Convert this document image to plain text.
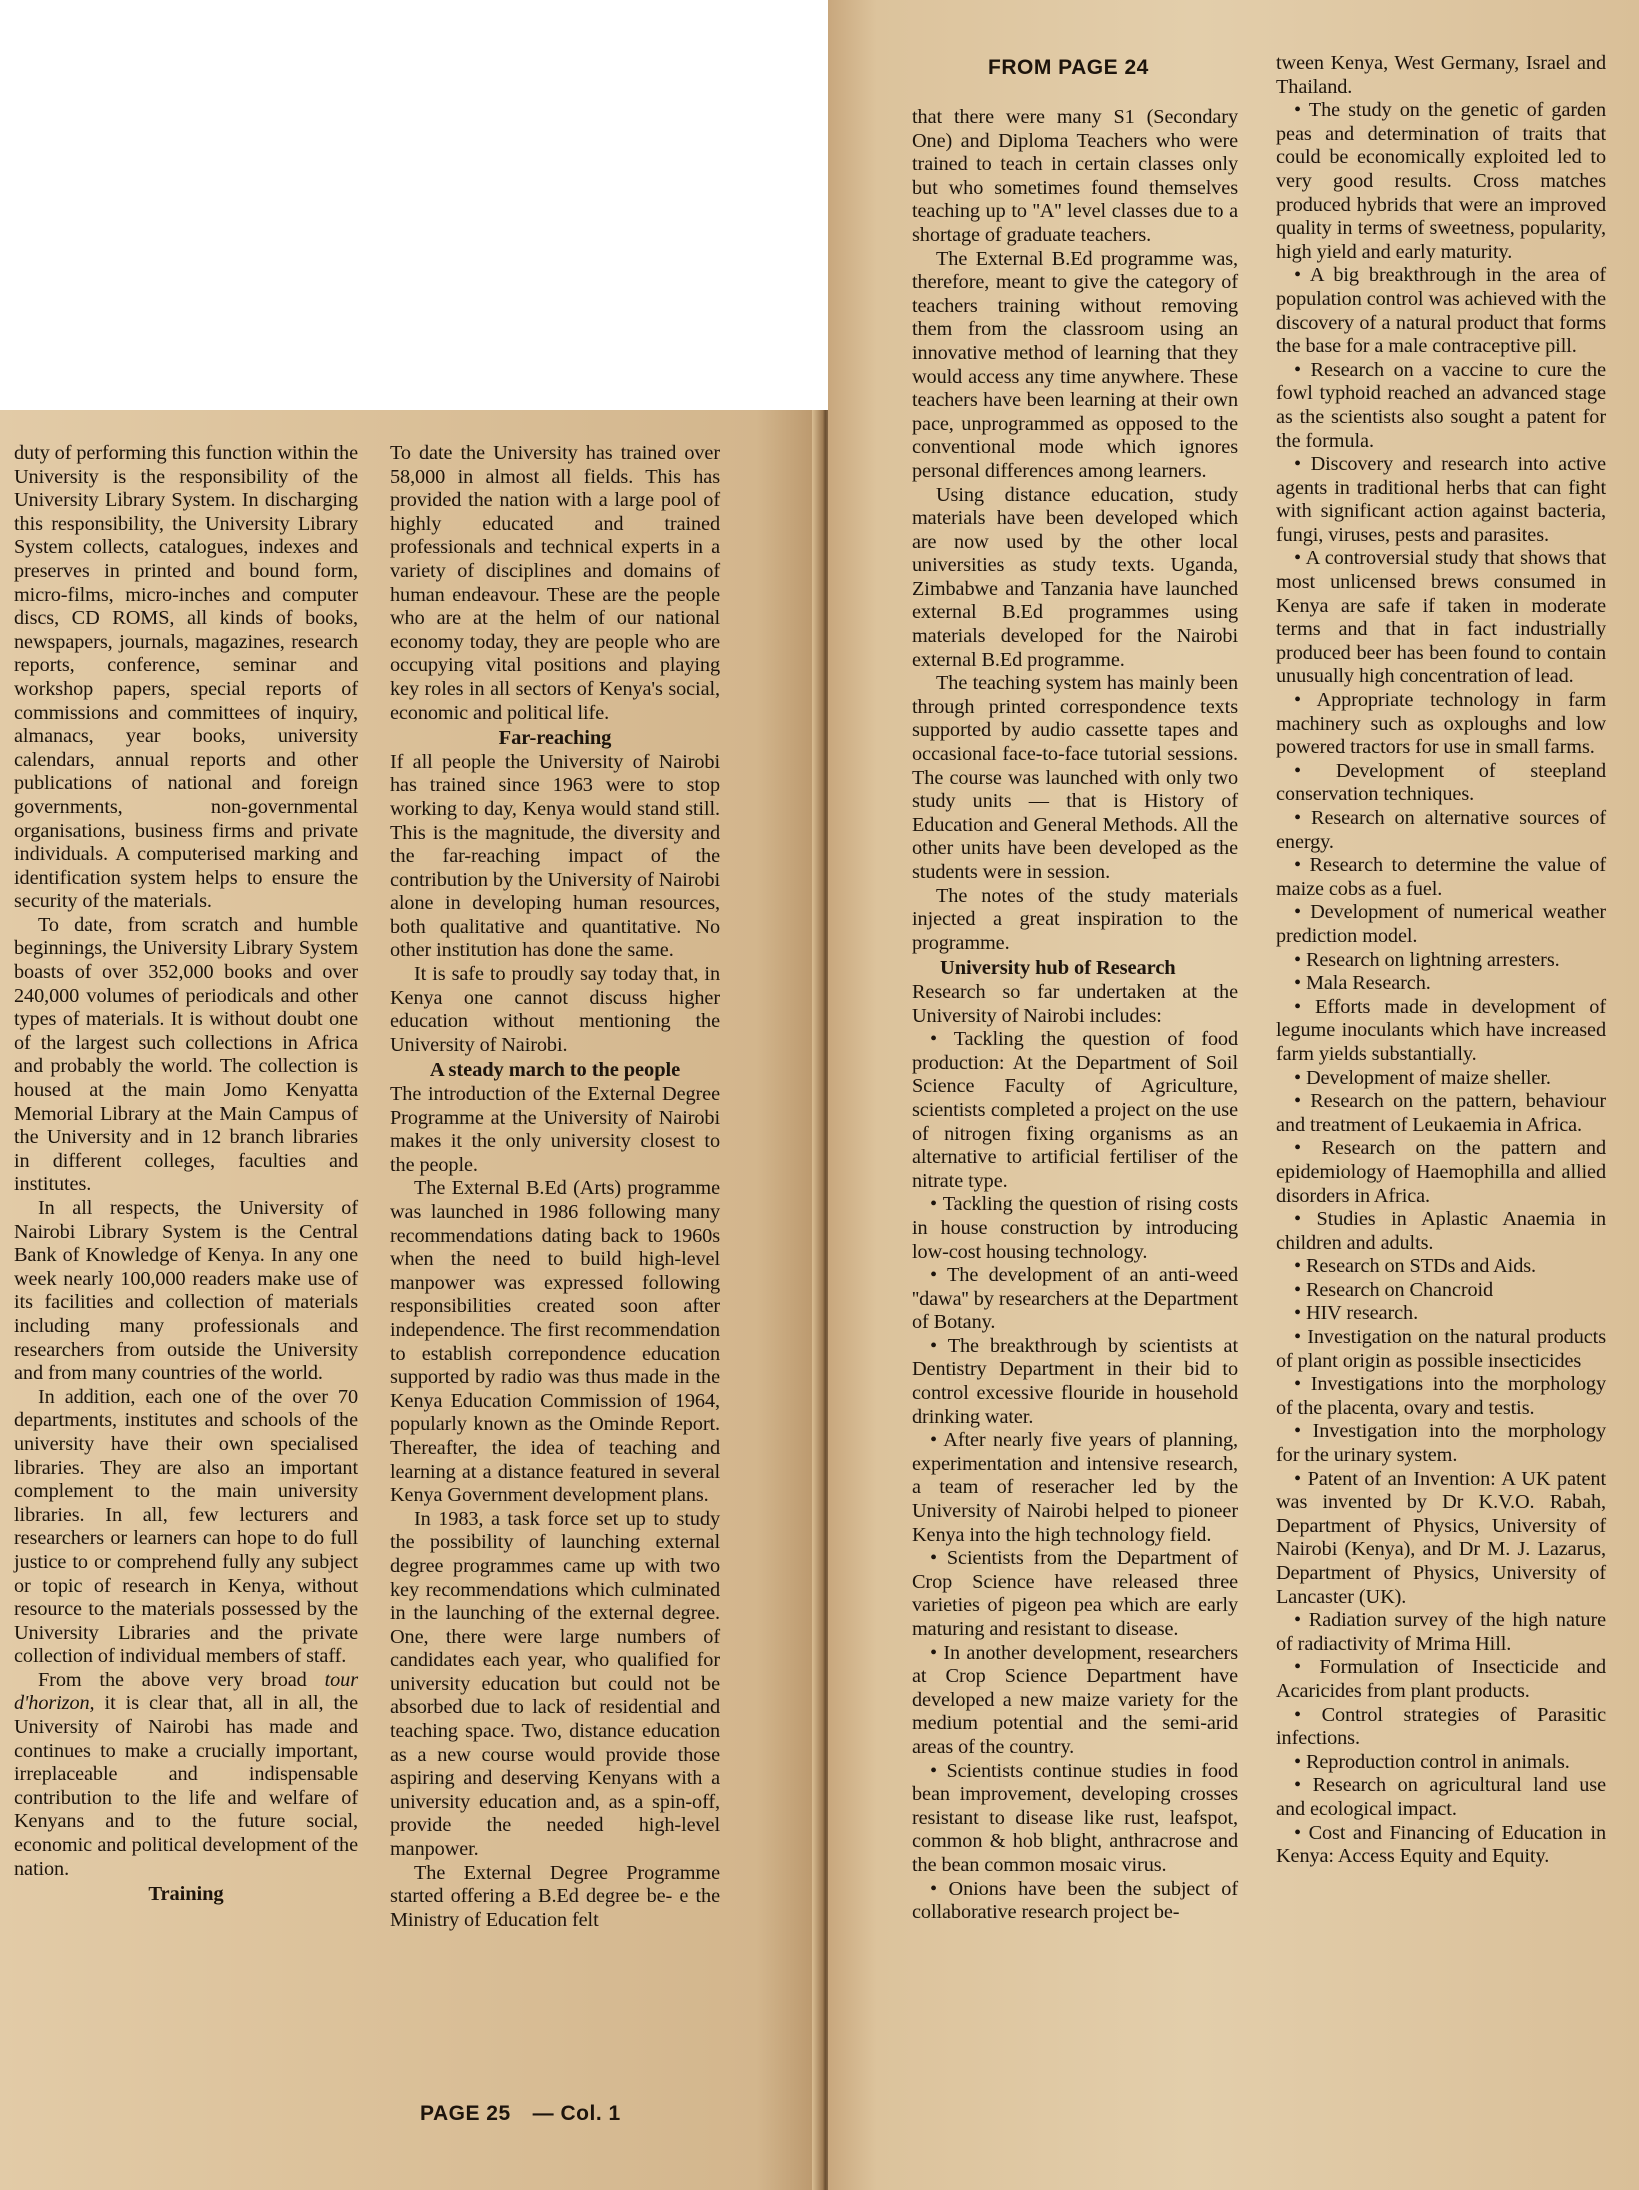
duty of performing this function within the University is the responsibility of the University Library System. In discharging this responsibility, the University Library System collects, catalogues, indexes and preserves in printed and bound form, micro-films, micro-inches and computer discs, CD ROMS, all kinds of books, newspapers, journals, magazines, research reports, conference, seminar and workshop papers, special reports of commissions and committees of inquiry, almanacs, year books, university calendars, annual reports and other publications of national and foreign governments, non-governmental organisations, business firms and private individuals. A computerised marking and identification system helps to ensure the security of the materials.

To date, from scratch and humble beginnings, the University Library System boasts of over 352,000 books and over 240,000 volumes of periodicals and other types of materials. It is without doubt one of the largest such collections in Africa and probably the world. The collection is housed at the main Jomo Kenyatta Memorial Library at the Main Campus of the University and in 12 branch libraries in different colleges, faculties and institutes.

In all respects, the University of Nairobi Library System is the Central Bank of Knowledge of Kenya. In any one week nearly 100,000 readers make use of its facilities and collection of materials including many professionals and researchers from outside the University and from many countries of the world.

In addition, each one of the over 70 departments, institutes and schools of the university have their own specialised libraries. They are also an important complement to the main university libraries. In all, few lecturers and researchers or learners can hope to do full justice to or comprehend fully any subject or topic of research in Kenya, without resource to the materials possessed by the University Libraries and the private collection of individual members of staff.

From the above very broad tour d'horizon, it is clear that, all in all, the University of Nairobi has made and continues to make a crucially important, irreplaceable and indispensable contribution to the life and welfare of Kenyans and to the future social, economic and political development of the nation.

Training

To date the University has trained over 58,000 in almost all fields. This has provided the nation with a large pool of highly educated and trained professionals and technical experts in a variety of disciplines and domains of human endeavour. These are the people who are at the helm of our national economy today, they are people who are occupying vital positions and playing key roles in all sectors of Kenya's social, economic and political life.

Far-reaching

If all people the University of Nairobi has trained since 1963 were to stop working to day, Kenya would stand still. This is the magnitude, the diversity and the far-reaching impact of the contribution by the University of Nairobi alone in developing human resources, both qualitative and quantitative. No other institution has done the same.

It is safe to proudly say today that, in Kenya one cannot discuss higher education without mentioning the University of Nairobi.

A steady march to the people

The introduction of the External Degree Programme at the University of Nairobi makes it the only university closest to the people.

The External B.Ed (Arts) programme was launched in 1986 following many recommendations dating back to 1960s when the need to build high-level manpower was expressed following responsibilities created soon after independence. The first recommendation to establish correpondence education supported by radio was thus made in the Kenya Education Commission of 1964, popularly known as the Ominde Report. Thereafter, the idea of teaching and learning at a distance featured in several Kenya Government development plans.

In 1983, a task force set up to study the possibility of launching external degree programmes came up with two key recommendations which culminated in the launching of the external degree. One, there were large numbers of candidates each year, who qualified for university education but could not be absorbed due to lack of residential and teaching space. Two, distance education as a new course would provide those aspiring and deserving Kenyans with a university education and, as a spin-off, provide the needed high-level manpower.

The External Degree Programme started offering a B.Ed degree be- e the Ministry of Education felt

PAGE 25 — Col. 1
FROM PAGE 24

that there were many S1 (Secondary One) and Diploma Teachers who were trained to teach in certain classes only but who sometimes found themselves teaching up to ''A'' level classes due to a shortage of graduate teachers.

The External B.Ed programme was, therefore, meant to give the category of teachers training without removing them from the classroom using an innovative method of learning that they would access any time anywhere. These teachers have been learning at their own pace, unprogrammed as opposed to the conventional mode which ignores personal differences among learners.

Using distance education, study materials have been developed which are now used by the other local universities as study texts. Uganda, Zimbabwe and Tanzania have launched external B.Ed programmes using materials developed for the Nairobi external B.Ed programme.

The teaching system has mainly been through printed correspondence texts supported by audio cassette tapes and occasional face-to-face tutorial sessions. The course was launched with only two study units — that is History of Education and General Methods. All the other units have been developed as the students were in session.

The notes of the study materials injected a great inspiration to the programme.

University hub of Research

Research so far undertaken at the University of Nairobi includes:

• Tackling the question of food production: At the Department of Soil Science Faculty of Agriculture, scientists completed a project on the use of nitrogen fixing organisms as an alternative to artificial fertiliser of the nitrate type.

• Tackling the question of rising costs in house construction by introducing low-cost housing technology.

• The development of an anti-weed ''dawa'' by researchers at the Department of Botany.

• The breakthrough by scientists at Dentistry Department in their bid to control excessive flouride in household drinking water.

• After nearly five years of planning, experimentation and intensive research, a team of reseracher led by the University of Nairobi helped to pioneer Kenya into the high technology field.

• Scientists from the Department of Crop Science have released three varieties of pigeon pea which are early maturing and resistant to disease.

• In another development, researchers at Crop Science Department have developed a new maize variety for the medium potential and the semi-arid areas of the country.

• Scientists continue studies in food bean improvement, developing crosses resistant to disease like rust, leafspot, common & hob blight, anthracrose and the bean common mosaic virus.

• Onions have been the subject of collaborative research project be-

tween Kenya, West Germany, Israel and Thailand.

• The study on the genetic of garden peas and determination of traits that could be economically exploited led to very good results. Cross matches produced hybrids that were an improved quality in terms of sweetness, popularity, high yield and early maturity.

• A big breakthrough in the area of population control was achieved with the discovery of a natural product that forms the base for a male contraceptive pill.

• Research on a vaccine to cure the fowl typhoid reached an advanced stage as the scientists also sought a patent for the formula.

• Discovery and research into active agents in traditional herbs that can fight with significant action against bacteria, fungi, viruses, pests and parasites.

• A controversial study that shows that most unlicensed brews consumed in Kenya are safe if taken in moderate terms and that in fact industrially produced beer has been found to contain unusually high concentration of lead.

• Appropriate technology in farm machinery such as oxploughs and low powered tractors for use in small farms.

• Development of steepland conservation techniques.

• Research on alternative sources of energy.

• Research to determine the value of maize cobs as a fuel.

• Development of numerical weather prediction model.

• Research on lightning arresters.

• Mala Research.

• Efforts made in development of legume inoculants which have increased farm yields substantially.

• Development of maize sheller.

• Research on the pattern, behaviour and treatment of Leukaemia in Africa.

• Research on the pattern and epidemiology of Haemophilla and allied disorders in Africa.

• Studies in Aplastic Anaemia in children and adults.

• Research on STDs and Aids.

• Research on Chancroid

• HIV research.

• Investigation on the natural products of plant origin as possible insecticides

• Investigations into the morphology of the placenta, ovary and testis.

• Investigation into the morphology for the urinary system.

• Patent of an Invention: A UK patent was invented by Dr K.V.O. Rabah, Department of Physics, University of Nairobi (Kenya), and Dr M. J. Lazarus, Department of Physics, University of Lancaster (UK).

• Radiation survey of the high nature of radiactivity of Mrima Hill.

• Formulation of Insecticide and Acaricides from plant products.

• Control strategies of Parasitic infections.

• Reproduction control in animals.

• Research on agricultural land use and ecological impact.

• Cost and Financing of Education in Kenya: Access Equity and Equity.
